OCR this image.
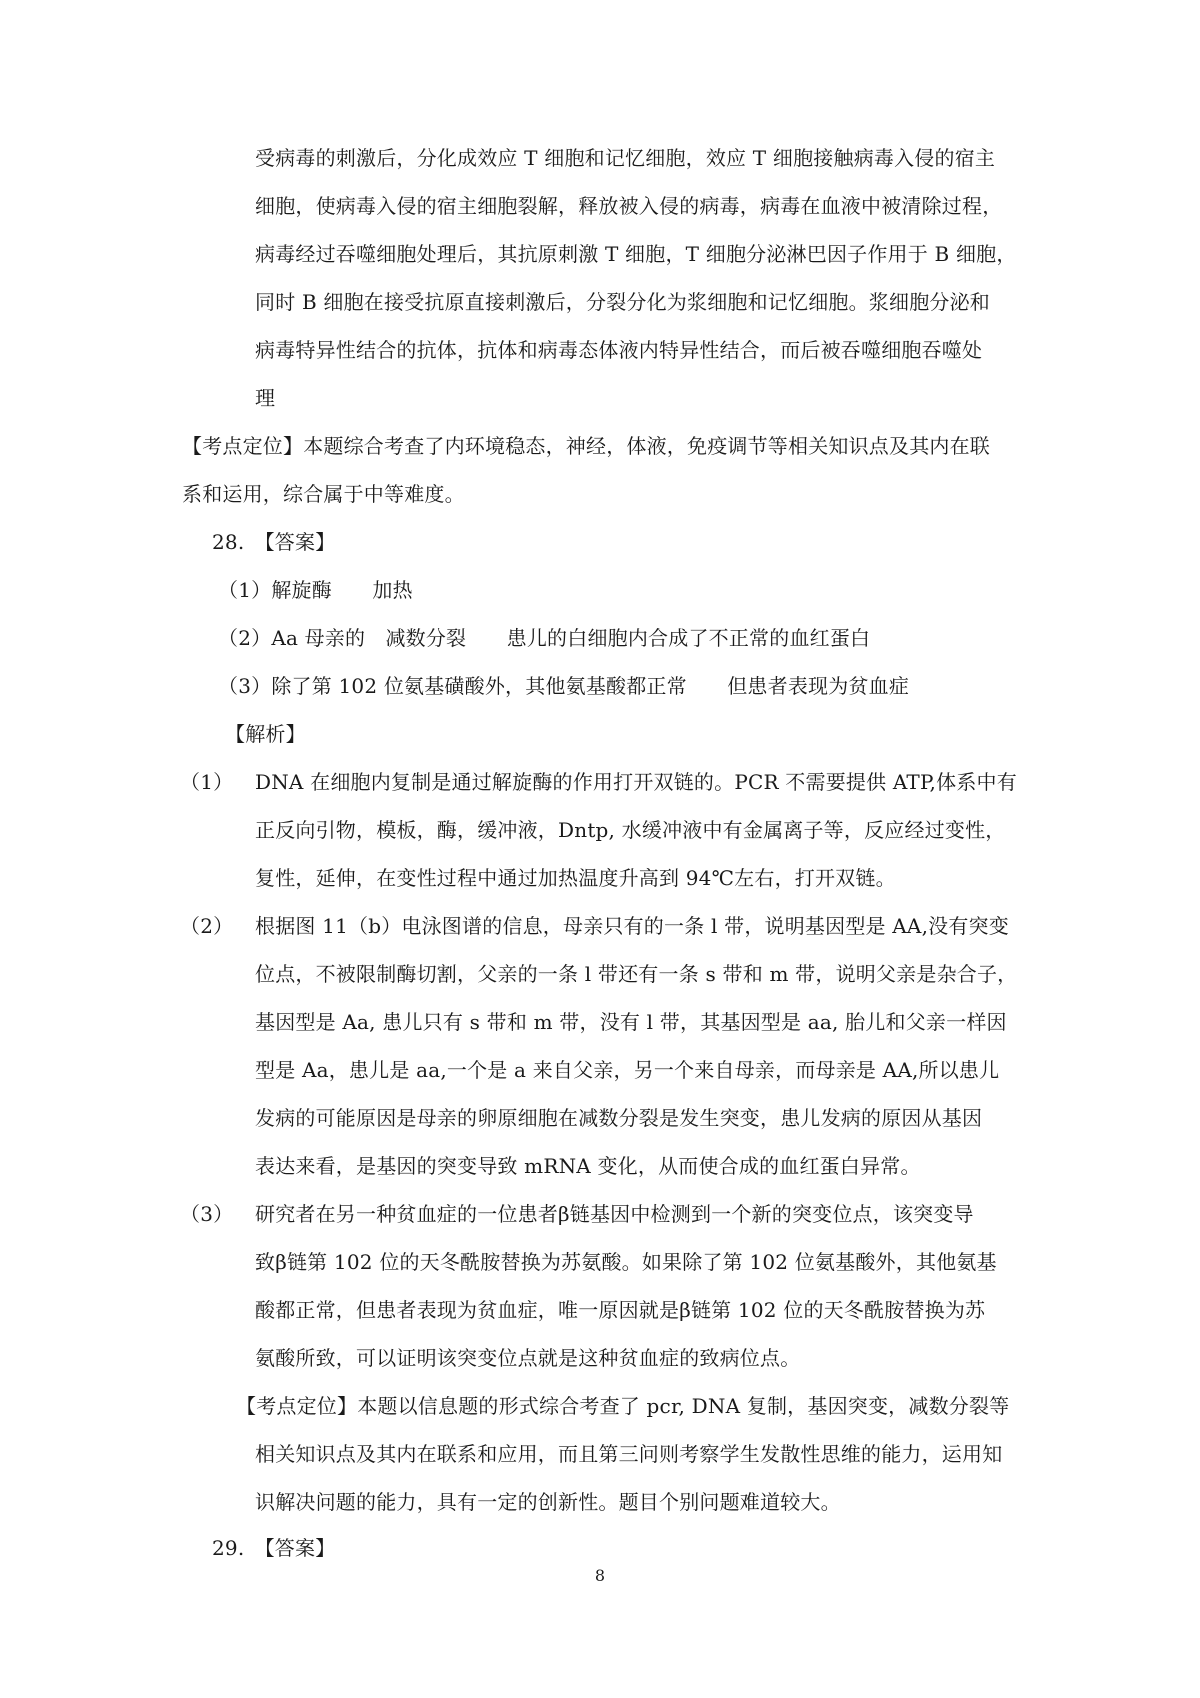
受病毒的刺激后，分化成效应 T 细胞和记忆细胞，效应 T 细胞接触病毒入侵的宿主
细胞，使病毒入侵的宿主细胞裂解，释放被入侵的病毒，病毒在血液中被清除过程，
病毒经过吞噬细胞处理后，其抗原刺激 T 细胞，T 细胞分泌淋巴因子作用于 B 细胞，
同时 B 细胞在接受抗原直接刺激后，分裂分化为浆细胞和记忆细胞。浆细胞分泌和
病毒特异性结合的抗体，抗体和病毒态体液内特异性结合，而后被吞噬细胞吞噬处
理
【考点定位】本题综合考查了内环境稳态，神经，体液，免疫调节等相关知识点及其内在联
系和运用，综合属于中等难度。
28.　【答案】
（1）解旋酶　　加热
（2）Aa 母亲的　减数分裂　　患儿的白细胞内合成了不正常的血红蛋白
（3）除了第 102 位氨基磺酸外，其他氨基酸都正常　　但患者表现为贫血症
【解析】
（1） DNA 在细胞内复制是通过解旋酶的作用打开双链的。PCR 不需要提供 ATP,体系中有
正反向引物，模板，酶，缓冲液，Dntp, 水缓冲液中有金属离子等，反应经过变性，
复性，延伸，在变性过程中通过加热温度升高到 94℃左右，打开双链。
（2） 根据图 11（b）电泳图谱的信息，母亲只有的一条 l 带，说明基因型是 AA,没有突变
位点，不被限制酶切割，父亲的一条 l 带还有一条 s 带和 m 带，说明父亲是杂合子，
基因型是 Aa, 患儿只有 s 带和 m 带，没有 l 带，其基因型是 aa, 胎儿和父亲一样因
型是 Aa，患儿是 aa,一个是 a 来自父亲，另一个来自母亲，而母亲是 AA,所以患儿
发病的可能原因是母亲的卵原细胞在减数分裂是发生突变，患儿发病的原因从基因
表达来看，是基因的突变导致 mRNA 变化，从而使合成的血红蛋白异常。
（3） 研究者在另一种贫血症的一位患者β链基因中检测到一个新的突变位点，该突变导
致β链第 102 位的天冬酰胺替换为苏氨酸。如果除了第 102 位氨基酸外，其他氨基
酸都正常，但患者表现为贫血症，唯一原因就是β链第 102 位的天冬酰胺替换为苏
氨酸所致，可以证明该突变位点就是这种贫血症的致病位点。
【考点定位】本题以信息题的形式综合考查了 pcr, DNA 复制，基因突变，减数分裂等
相关知识点及其内在联系和应用，而且第三问则考察学生发散性思维的能力，运用知
识解决问题的能力，具有一定的创新性。题目个别问题难道较大。
29.　【答案】
8
